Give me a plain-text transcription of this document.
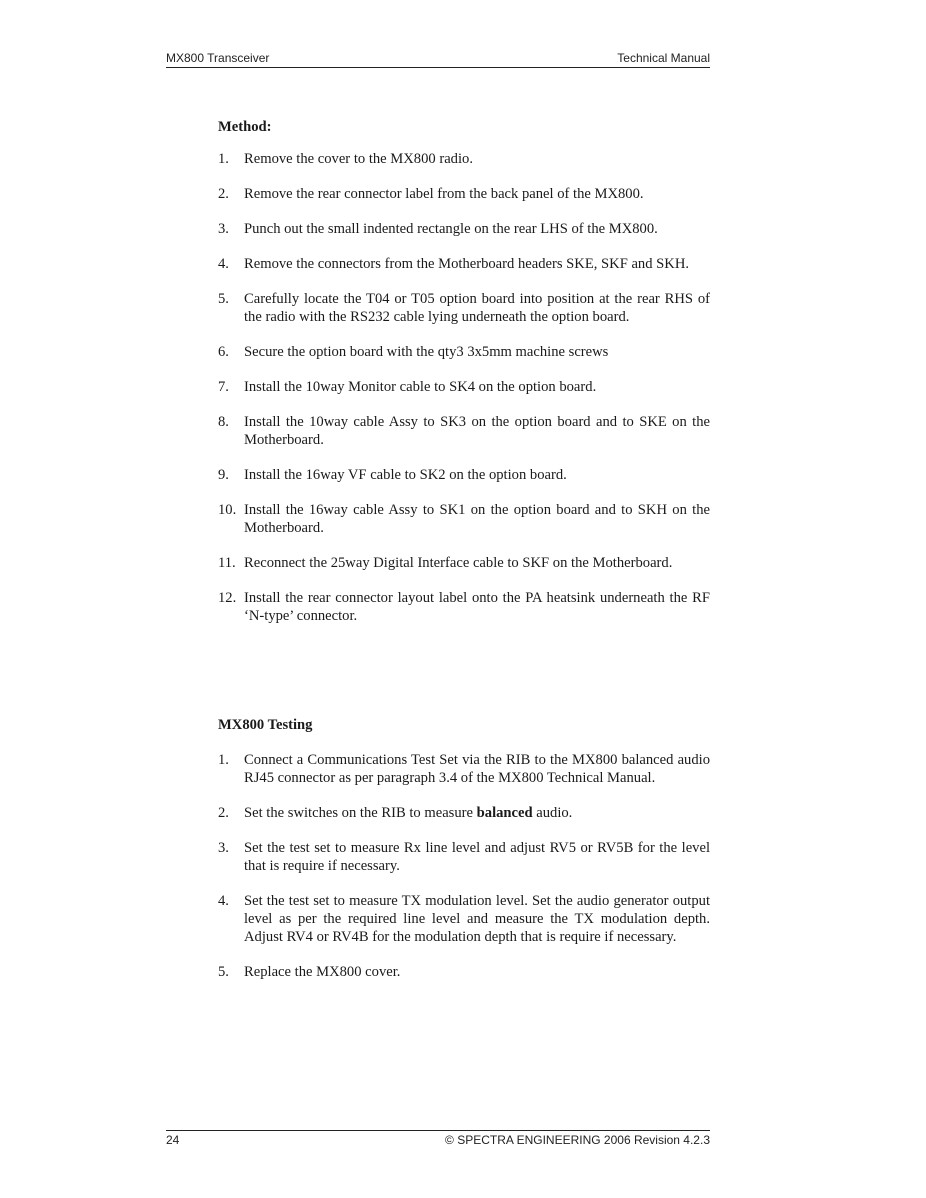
MX800 Transceiver	Technical Manual

Method:

1. Remove the cover to the MX800 radio.
2. Remove the rear connector label from the back panel of the MX800.
3. Punch out the small indented rectangle on the rear LHS of the MX800.
4. Remove the connectors from the Motherboard headers SKE, SKF and SKH.
5. Carefully locate the T04 or T05 option board into position at the rear RHS of the radio with the RS232 cable lying underneath the option board.
6. Secure the option board with the qty3 3x5mm machine screws
7. Install the 10way Monitor cable to SK4 on the option board.
8. Install the 10way cable Assy to SK3 on the option board and to SKE on the Motherboard.
9. Install the 16way VF cable to SK2 on the option board.
10. Install the 16way cable Assy to SK1 on the option board and to SKH on the Motherboard.
11. Reconnect the 25way Digital Interface cable to SKF on the Motherboard.
12. Install the rear connector layout label onto the PA heatsink underneath the RF ‘N-type’ connector.

MX800 Testing

1. Connect a Communications Test Set via the RIB to the MX800 balanced audio RJ45 connector as per paragraph 3.4 of the MX800 Technical Manual.
2. Set the switches on the RIB to measure balanced audio.
3. Set the test set to measure Rx line level and adjust RV5 or RV5B for the level that is require if necessary.
4. Set the test set to measure TX modulation level. Set the audio generator output level as per the required line level and measure the TX modulation depth. Adjust RV4 or RV4B for the modulation depth that is require if necessary.
5. Replace the MX800 cover.
24	© SPECTRA ENGINEERING 2006 Revision 4.2.3
